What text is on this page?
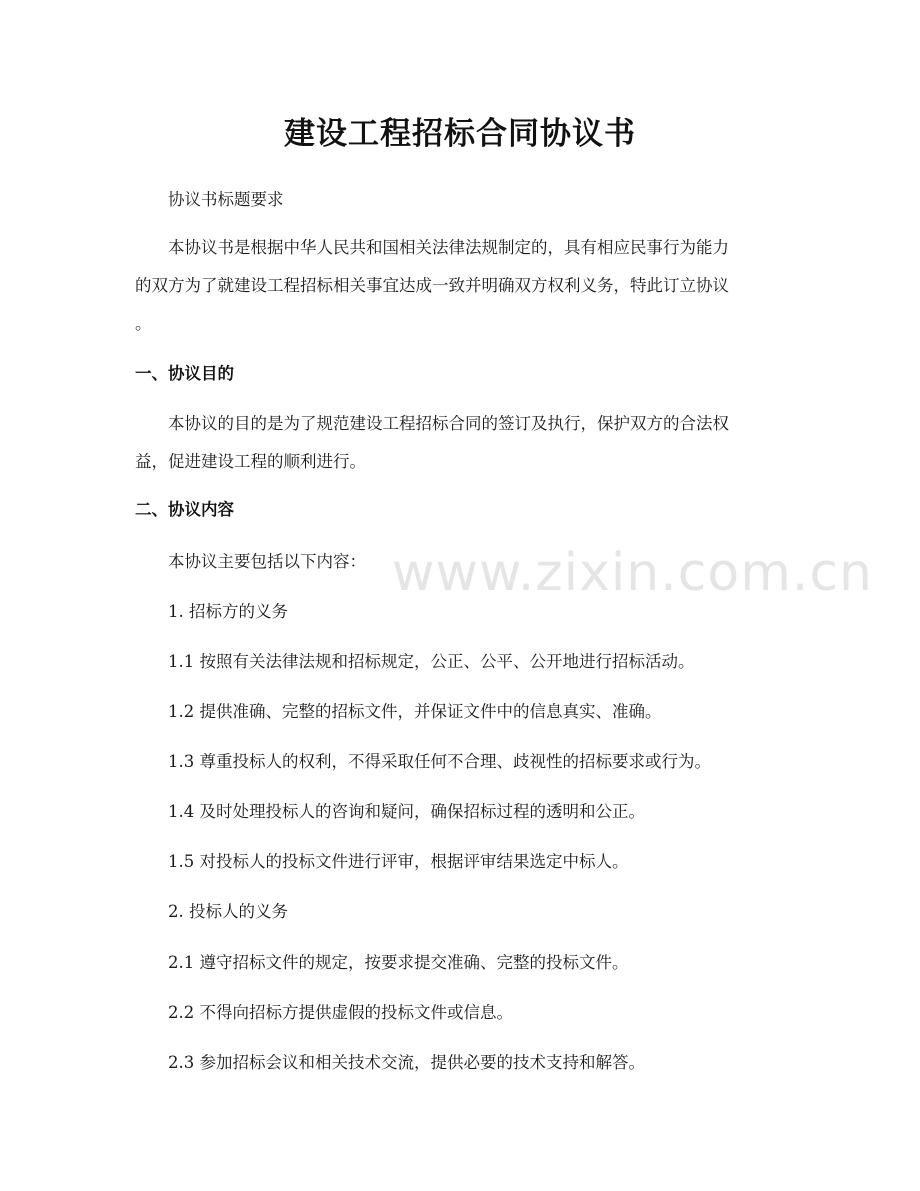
建设工程招标合同协议书
协议书标题要求
本协议书是根据中华人民共和国相关法律法规制定的，具有相应民事行为能力
的双方为了就建设工程招标相关事宜达成一致并明确双方权利义务，特此订立协议
。
一、协议目的
本协议的目的是为了规范建设工程招标合同的签订及执行，保护双方的合法权
益，促进建设工程的顺利进行。
二、协议内容
本协议主要包括以下内容：
1. 招标方的义务
1.1 按照有关法律法规和招标规定，公正、公平、公开地进行招标活动。
1.2 提供准确、完整的招标文件，并保证文件中的信息真实、准确。
1.3 尊重投标人的权利，不得采取任何不合理、歧视性的招标要求或行为。
1.4 及时处理投标人的咨询和疑问，确保招标过程的透明和公正。
1.5 对投标人的投标文件进行评审，根据评审结果选定中标人。
2. 投标人的义务
2.1 遵守招标文件的规定，按要求提交准确、完整的投标文件。
2.2 不得向招标方提供虚假的投标文件或信息。
2.3 参加招标会议和相关技术交流，提供必要的技术支持和解答。
www.zixin.com.cn
